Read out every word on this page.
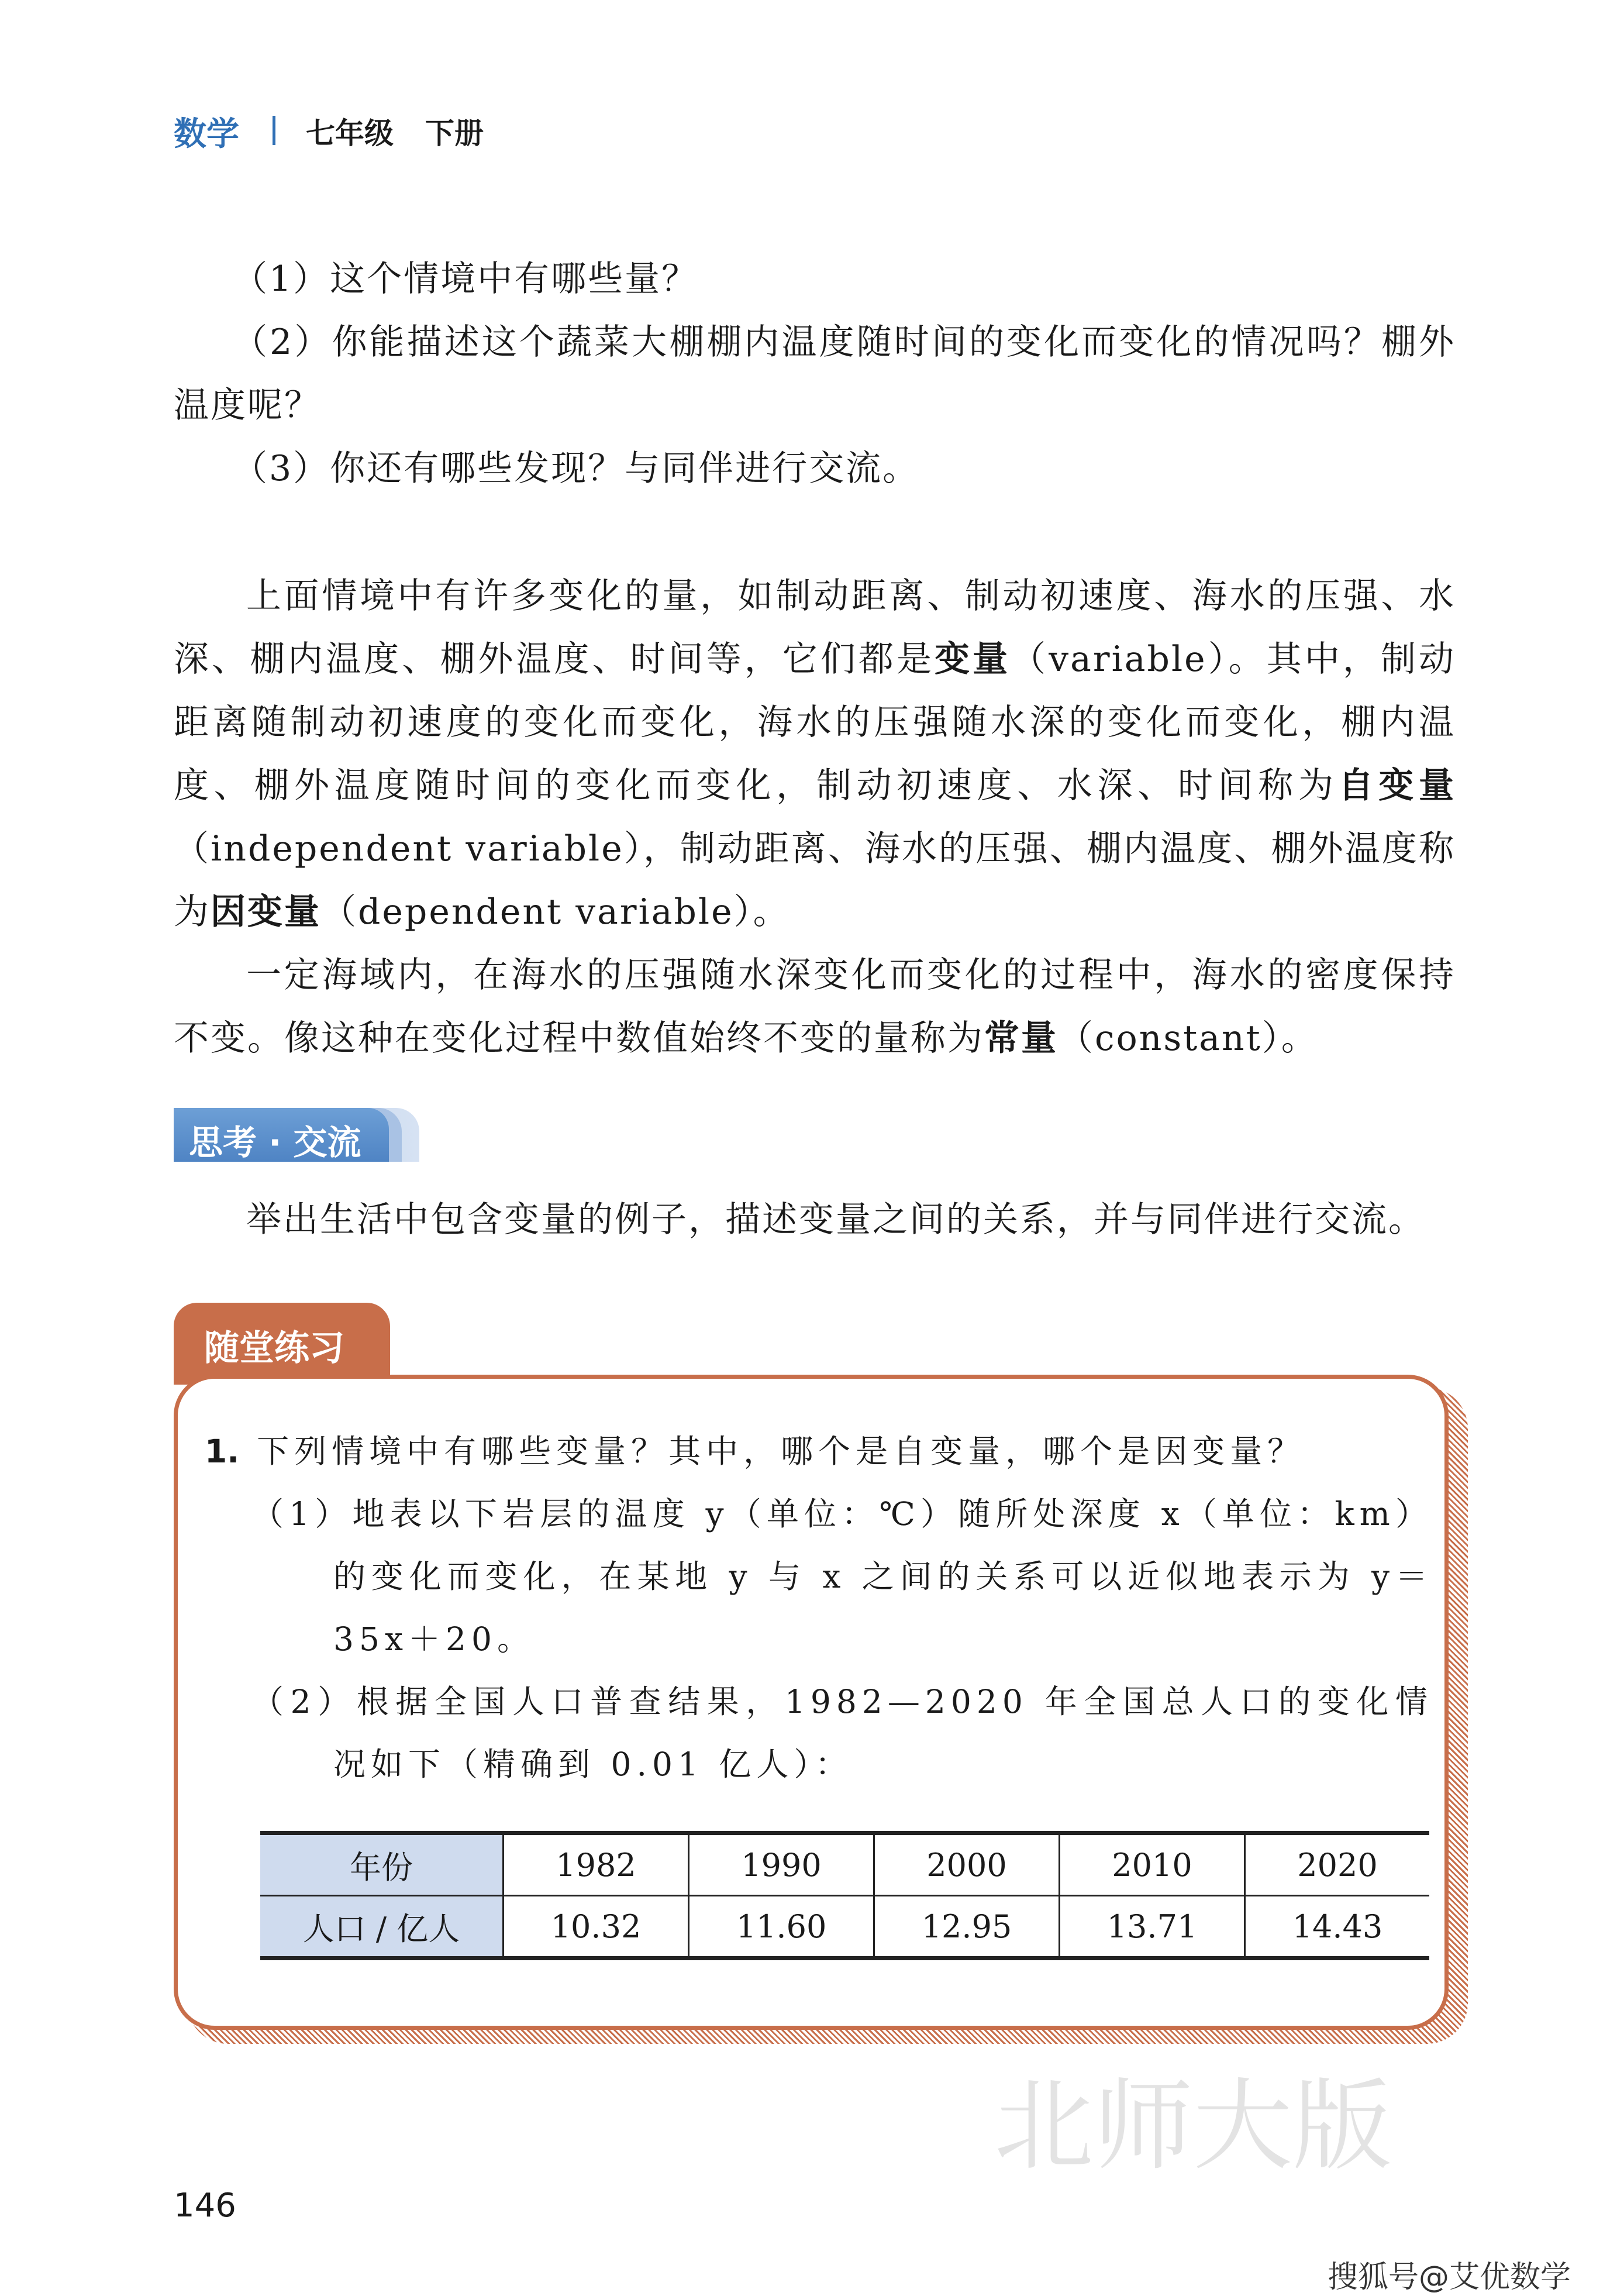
数学 七年级 下册
（1）这个情境中有哪些量？
（2）你能描述这个蔬菜大棚棚内温度随时间的变化而变化的情况吗？棚外温度呢？
（3）你还有哪些发现？与同伴进行交流。
上面情境中有许多变化的量，如制动距离、制动初速度、海水的压强、水深、棚内温度、棚外温度、时间等，它们都是变量（variable）。其中，制动距离随制动初速度的变化而变化，海水的压强随水深的变化而变化，棚内温度、棚外温度随时间的变化而变化，制动初速度、水深、时间称为自变量（independent variable），制动距离、海水的压强、棚内温度、棚外温度称为因变量（dependent variable）。
一定海域内，在海水的压强随水深变化而变化的过程中，海水的密度保持不变。像这种在变化过程中数值始终不变的量称为常量（constant）。
思考 · 交流
举出生活中包含变量的例子，描述变量之间的关系，并与同伴进行交流。
北师大版
随堂练习
1. 下列情境中有哪些变量？其中，哪个是自变量，哪个是因变量？
（1）地表以下岩层的温度 y（单位：℃）随所处深度 x（单位：km）的变化而变化，在某地 y 与 x 之间的关系可以近似地表示为 y＝35x＋20。
（2）根据全国人口普查结果，1982—2020 年全国总人口的变化情况如下（精确到 0.01 亿人）：
年份	1982	1990	2000	2010	2020
人口 / 亿人	10.32	11.60	12.95	13.71	14.43
146
搜狐号@艾优数学
